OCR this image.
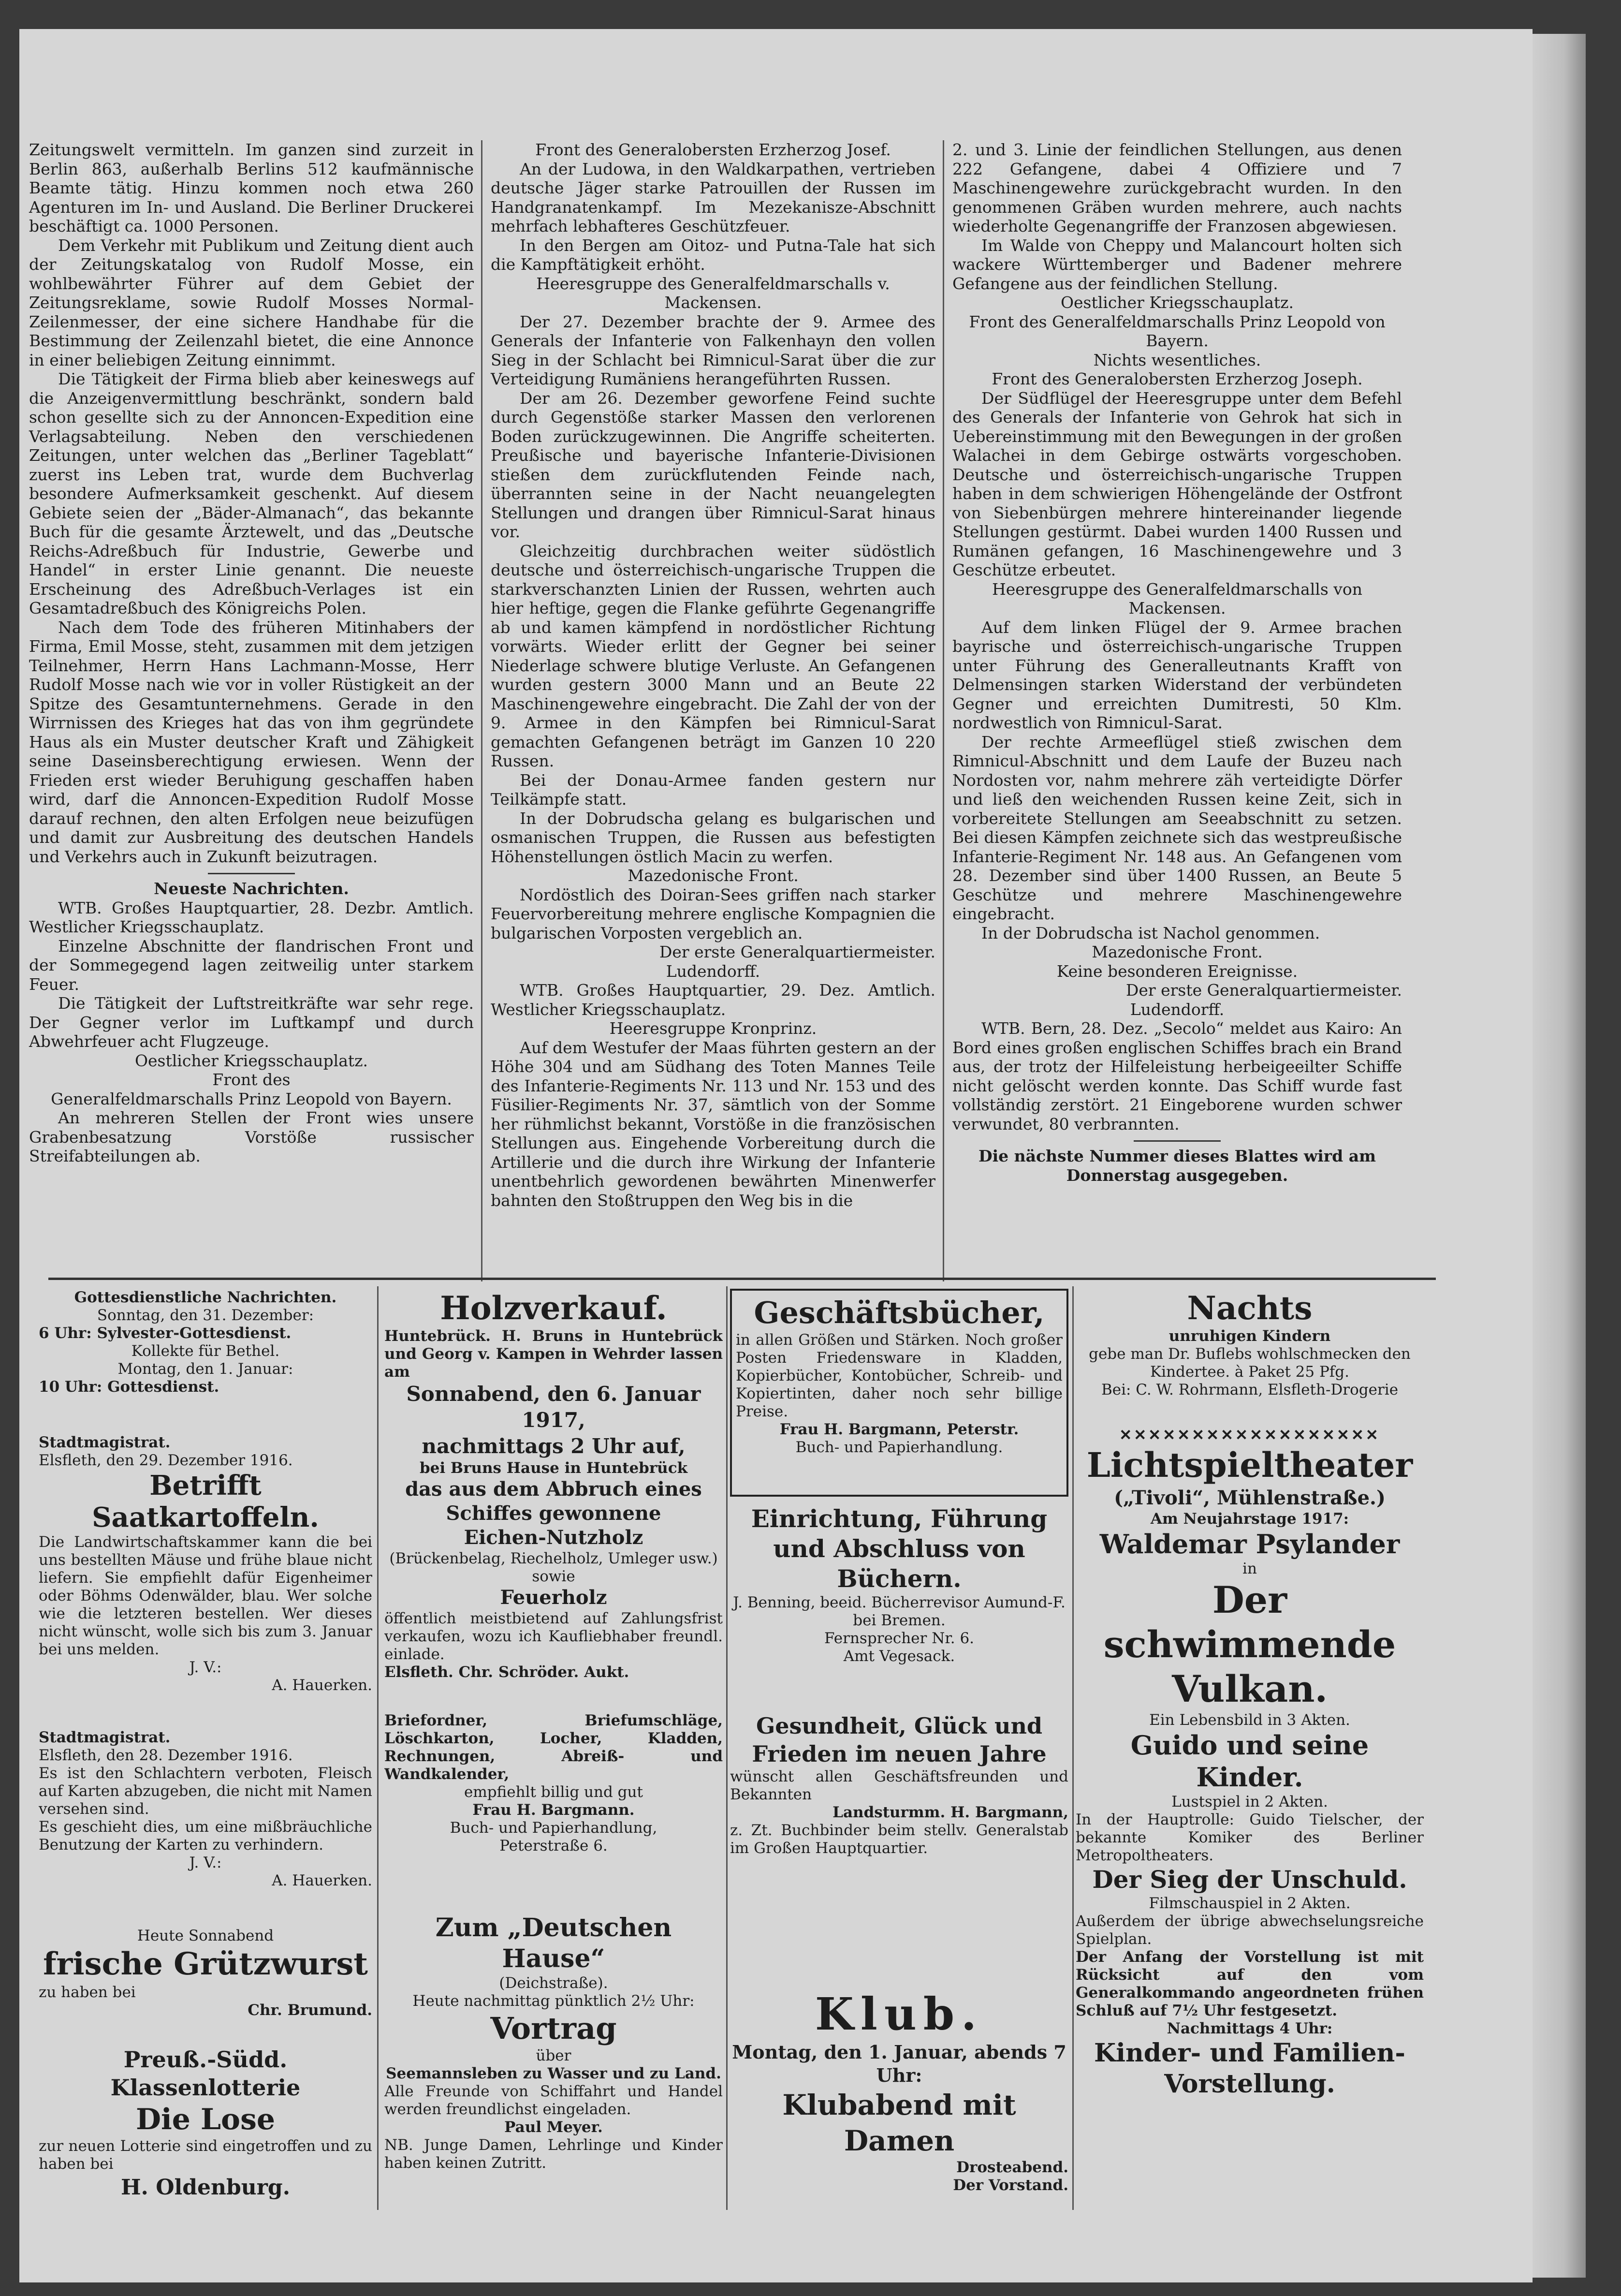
Zeitungswelt vermitteln. Im ganzen sind zurzeit in Berlin 863, außerhalb Berlins 512 kaufmännische Beamte tätig. Hinzu kommen noch etwa 260 Agenturen im In- und Ausland. Die Berliner Druckerei beschäftigt ca. 1000 Personen.

Dem Verkehr mit Publikum und Zeitung dient auch der Zeitungskatalog von Rudolf Mosse, ein wohlbewährter Führer auf dem Gebiet der Zeitungsreklame, sowie Rudolf Mosses Normal-Zeilenmesser, der eine sichere Handhabe für die Bestimmung der Zeilenzahl bietet, die eine Annonce in einer beliebigen Zeitung einnimmt.

Die Tätigkeit der Firma blieb aber keineswegs auf die Anzeigenvermittlung beschränkt, sondern bald schon gesellte sich zu der Annoncen-Expedition eine Verlagsabteilung. Neben den verschiedenen Zeitungen, unter welchen das „Berliner Tageblatt“ zuerst ins Leben trat, wurde dem Buchverlag besondere Aufmerksamkeit geschenkt. Auf diesem Gebiete seien der „Bäder-Almanach“, das bekannte Buch für die gesamte Ärztewelt, und das „Deutsche Reichs-Adreßbuch für Industrie, Gewerbe und Handel“ in erster Linie genannt. Die neueste Erscheinung des Adreßbuch-Verlages ist ein Gesamtadreßbuch des Königreichs Polen.

Nach dem Tode des früheren Mitinhabers der Firma, Emil Mosse, steht, zusammen mit dem jetzigen Teilnehmer, Herrn Hans Lachmann-Mosse, Herr Rudolf Mosse nach wie vor in voller Rüstigkeit an der Spitze des Gesamtunternehmens. Gerade in den Wirrnissen des Krieges hat das von ihm gegründete Haus als ein Muster deutscher Kraft und Zähigkeit seine Daseinsberechtigung erwiesen. Wenn der Frieden erst wieder Beruhigung geschaffen haben wird, darf die Annoncen-Expedition Rudolf Mosse darauf rechnen, den alten Erfolgen neue beizufügen und damit zur Ausbreitung des deutschen Handels und Verkehrs auch in Zukunft beizutragen.

Neueste Nachrichten.

WTB. Großes Hauptquartier, 28. Dezbr. Amtlich. Westlicher Kriegsschauplatz.

Einzelne Abschnitte der flandrischen Front und der Sommegegend lagen zeitweilig unter starkem Feuer.

Die Tätigkeit der Luftstreitkräfte war sehr rege. Der Gegner verlor im Luftkampf und durch Abwehrfeuer acht Flugzeuge.

Oestlicher Kriegsschauplatz.

Front des

Generalfeldmarschalls Prinz Leopold von Bayern.

An mehreren Stellen der Front wies unsere Grabenbesatzung Vorstöße russischer Streifabteilungen ab.

Front des Generalobersten Erzherzog Josef.

An der Ludowa, in den Waldkarpathen, vertrieben deutsche Jäger starke Patrouillen der Russen im Handgranatenkampf. Im Mezekanisze-Abschnitt mehrfach lebhafteres Geschützfeuer.

In den Bergen am Oitoz- und Putna-Tale hat sich die Kampftätigkeit erhöht.

Heeresgruppe des Generalfeldmarschalls v. Mackensen.

Der 27. Dezember brachte der 9. Armee des Generals der Infanterie von Falkenhayn den vollen Sieg in der Schlacht bei Rimnicul-Sarat über die zur Verteidigung Rumäniens herangeführten Russen.

Der am 26. Dezember geworfene Feind suchte durch Gegenstöße starker Massen den verlorenen Boden zurückzugewinnen. Die Angriffe scheiterten. Preußische und bayerische Infanterie-Divisionen stießen dem zurückflutenden Feinde nach, überrannten seine in der Nacht neuangelegten Stellungen und drangen über Rimnicul-Sarat hinaus vor.

Gleichzeitig durchbrachen weiter südöstlich deutsche und österreichisch-ungarische Truppen die starkverschanzten Linien der Russen, wehrten auch hier heftige, gegen die Flanke geführte Gegenangriffe ab und kamen kämpfend in nordöstlicher Richtung vorwärts. Wieder erlitt der Gegner bei seiner Niederlage schwere blutige Verluste. An Gefangenen wurden gestern 3000 Mann und an Beute 22 Maschinengewehre eingebracht. Die Zahl der von der 9. Armee in den Kämpfen bei Rimnicul-Sarat gemachten Gefangenen beträgt im Ganzen 10 220 Russen.

Bei der Donau-Armee fanden gestern nur Teilkämpfe statt.

In der Dobrudscha gelang es bulgarischen und osmanischen Truppen, die Russen aus befestigten Höhenstellungen östlich Macin zu werfen.

Mazedonische Front.

Nordöstlich des Doiran-Sees griffen nach starker Feuervorbereitung mehrere englische Kompagnien die bulgarischen Vorposten vergeblich an.

Der erste Generalquartiermeister.

Ludendorff.

WTB. Großes Hauptquartier, 29. Dez. Amtlich. Westlicher Kriegsschauplatz.

Heeresgruppe Kronprinz.

Auf dem Westufer der Maas führten gestern an der Höhe 304 und am Südhang des Toten Mannes Teile des Infanterie-Regiments Nr. 113 und Nr. 153 und des Füsilier-Regiments Nr. 37, sämtlich von der Somme her rühmlichst bekannt, Vorstöße in die französischen Stellungen aus. Eingehende Vorbereitung durch die Artillerie und die durch ihre Wirkung der Infanterie unentbehrlich gewordenen bewährten Minenwerfer bahnten den Stoßtruppen den Weg bis in die

2. und 3. Linie der feindlichen Stellungen, aus denen 222 Gefangene, dabei 4 Offiziere und 7 Maschinengewehre zurückgebracht wurden. In den genommenen Gräben wurden mehrere, auch nachts wiederholte Gegenangriffe der Franzosen abgewiesen.

Im Walde von Cheppy und Malancourt holten sich wackere Württemberger und Badener mehrere Gefangene aus der feindlichen Stellung.

Oestlicher Kriegsschauplatz.

Front des Generalfeldmarschalls Prinz Leopold von Bayern.

Nichts wesentliches.

Front des Generalobersten Erzherzog Joseph.

Der Südflügel der Heeresgruppe unter dem Befehl des Generals der Infanterie von Gehrok hat sich in Uebereinstimmung mit den Bewegungen in der großen Walachei in dem Gebirge ostwärts vorgeschoben. Deutsche und österreichisch-ungarische Truppen haben in dem schwierigen Höhengelände der Ostfront von Siebenbürgen mehrere hintereinander liegende Stellungen gestürmt. Dabei wurden 1400 Russen und Rumänen gefangen, 16 Maschinengewehre und 3 Geschütze erbeutet.

Heeresgruppe des Generalfeldmarschalls von Mackensen.

Auf dem linken Flügel der 9. Armee brachen bayrische und österreichisch-ungarische Truppen unter Führung des Generalleutnants Krafft von Delmensingen starken Widerstand der verbündeten Gegner und erreichten Dumitresti, 50 Klm. nordwestlich von Rimnicul-Sarat.

Der rechte Armeeflügel stieß zwischen dem Rimnicul-Abschnitt und dem Laufe der Buzeu nach Nordosten vor, nahm mehrere zäh verteidigte Dörfer und ließ den weichenden Russen keine Zeit, sich in vorbereitete Stellungen am Seeabschnitt zu setzen. Bei diesen Kämpfen zeichnete sich das westpreußische Infanterie-Regiment Nr. 148 aus. An Gefangenen vom 28. Dezember sind über 1400 Russen, an Beute 5 Geschütze und mehrere Maschinengewehre eingebracht.

In der Dobrudscha ist Nachol genommen.

Mazedonische Front.

Keine besonderen Ereignisse.

Der erste Generalquartiermeister.

Ludendorff.

WTB. Bern, 28. Dez. „Secolo“ meldet aus Kairo: An Bord eines großen englischen Schiffes brach ein Brand aus, der trotz der Hilfeleistung herbeigeeilter Schiffe nicht gelöscht werden konnte. Das Schiff wurde fast vollständig zerstört. 21 Eingeborene wurden schwer verwundet, 80 verbrannten.

Die nächste Nummer dieses Blattes wird am Donnerstag ausgegeben.

Gottesdienstliche Nachrichten.

Sonntag, den 31. Dezember:

6 Uhr: Sylvester-Gottesdienst.

Kollekte für Bethel.

Montag, den 1. Januar:

10 Uhr: Gottesdienst.

Stadtmagistrat.

Elsfleth, den 29. Dezember 1916.

Betrifft Saatkartoffeln.

Die Landwirtschaftskammer kann die bei uns bestellten Mäuse und frühe blaue nicht liefern. Sie empfiehlt dafür Eigenheimer oder Böhms Odenwälder, blau. Wer solche wie die letzteren bestellen. Wer dieses nicht wünscht, wolle sich bis zum 3. Januar bei uns melden.

J. V.:

A. Hauerken.

Stadtmagistrat.

Elsfleth, den 28. Dezember 1916.

Es ist den Schlachtern verboten, Fleisch auf Karten abzugeben, die nicht mit Namen versehen sind.

Es geschieht dies, um eine mißbräuchliche Benutzung der Karten zu verhindern.

J. V.:

A. Hauerken.

Heute Sonnabend

frische Grützwurst

zu haben bei

Chr. Brumund.

Preuß.-Südd. Klassenlotterie

Die Lose

zur neuen Lotterie sind eingetroffen und zu haben bei

H. Oldenburg.

Holzverkauf.

Huntebrück. H. Bruns in Huntebrück und Georg v. Kampen in Wehrder lassen am

Sonnabend, den 6. Januar 1917,

nachmittags 2 Uhr auf,

bei Bruns Hause in Huntebrück

das aus dem Abbruch eines Schiffes gewonnene

Eichen-Nutzholz

(Brückenbelag, Riechelholz, Umleger usw.) sowie

Feuerholz

öffentlich meistbietend auf Zahlungsfrist verkaufen, wozu ich Kaufliebhaber freundl. einlade.

Elsfleth. Chr. Schröder. Aukt.

Briefordner, Briefumschläge, Löschkarton, Locher, Kladden, Rechnungen, Abreiß- und Wandkalender,

empfiehlt billig und gut

Frau H. Bargmann.

Buch- und Papierhandlung,

Peterstraße 6.

Zum „Deutschen Hause“

(Deichstraße).

Heute nachmittag pünktlich 2½ Uhr:

Vortrag

über

Seemannsleben zu Wasser und zu Land.

Alle Freunde von Schiffahrt und Handel werden freundlichst eingeladen.

Paul Meyer.

NB. Junge Damen, Lehrlinge und Kinder haben keinen Zutritt.

Geschäftsbücher,

in allen Größen und Stärken. Noch großer Posten Friedensware in Kladden, Kopierbücher, Kontobücher, Schreib- und Kopiertinten, daher noch sehr billige Preise.

Frau H. Bargmann, Peterstr.

Buch- und Papierhandlung.

Einrichtung, Führung und Abschluss von Büchern.

J. Benning, beeid. Bücherrevisor Aumund-F. bei Bremen.

Fernsprecher Nr. 6.

Amt Vegesack.

Gesundheit, Glück und Frieden im neuen Jahre

wünscht allen Geschäftsfreunden und Bekannten

Landsturmm. H. Bargmann,

z. Zt. Buchbinder beim stellv. Generalstab im Großen Hauptquartier.

Klub.

Montag, den 1. Januar, abends 7 Uhr:

Klubabend mit Damen

Drosteabend.

Der Vorstand.

Nachts

unruhigen Kindern

gebe man Dr. Buflebs wohlschmecken den Kindertee. à Paket 25 Pfg.

Bei: C. W. Rohrmann, Elsfleth-Drogerie

✕✕✕✕✕✕✕✕✕✕✕✕✕✕✕✕✕✕

Lichtspieltheater

(„Tivoli“, Mühlenstraße.)

Am Neujahrstage 1917:

Waldemar Psylander

in

Der schwimmende Vulkan.

Ein Lebensbild in 3 Akten.

Guido und seine Kinder.

Lustspiel in 2 Akten.

In der Hauptrolle: Guido Tielscher, der bekannte Komiker des Berliner Metropoltheaters.

Der Sieg der Unschuld.

Filmschauspiel in 2 Akten.

Außerdem der übrige abwechselungsreiche Spielplan.

Der Anfang der Vorstellung ist mit Rücksicht auf den vom Generalkommando angeordneten frühen Schluß auf 7½ Uhr festgesetzt.

Nachmittags 4 Uhr:

Kinder- und Familien-Vorstellung.
